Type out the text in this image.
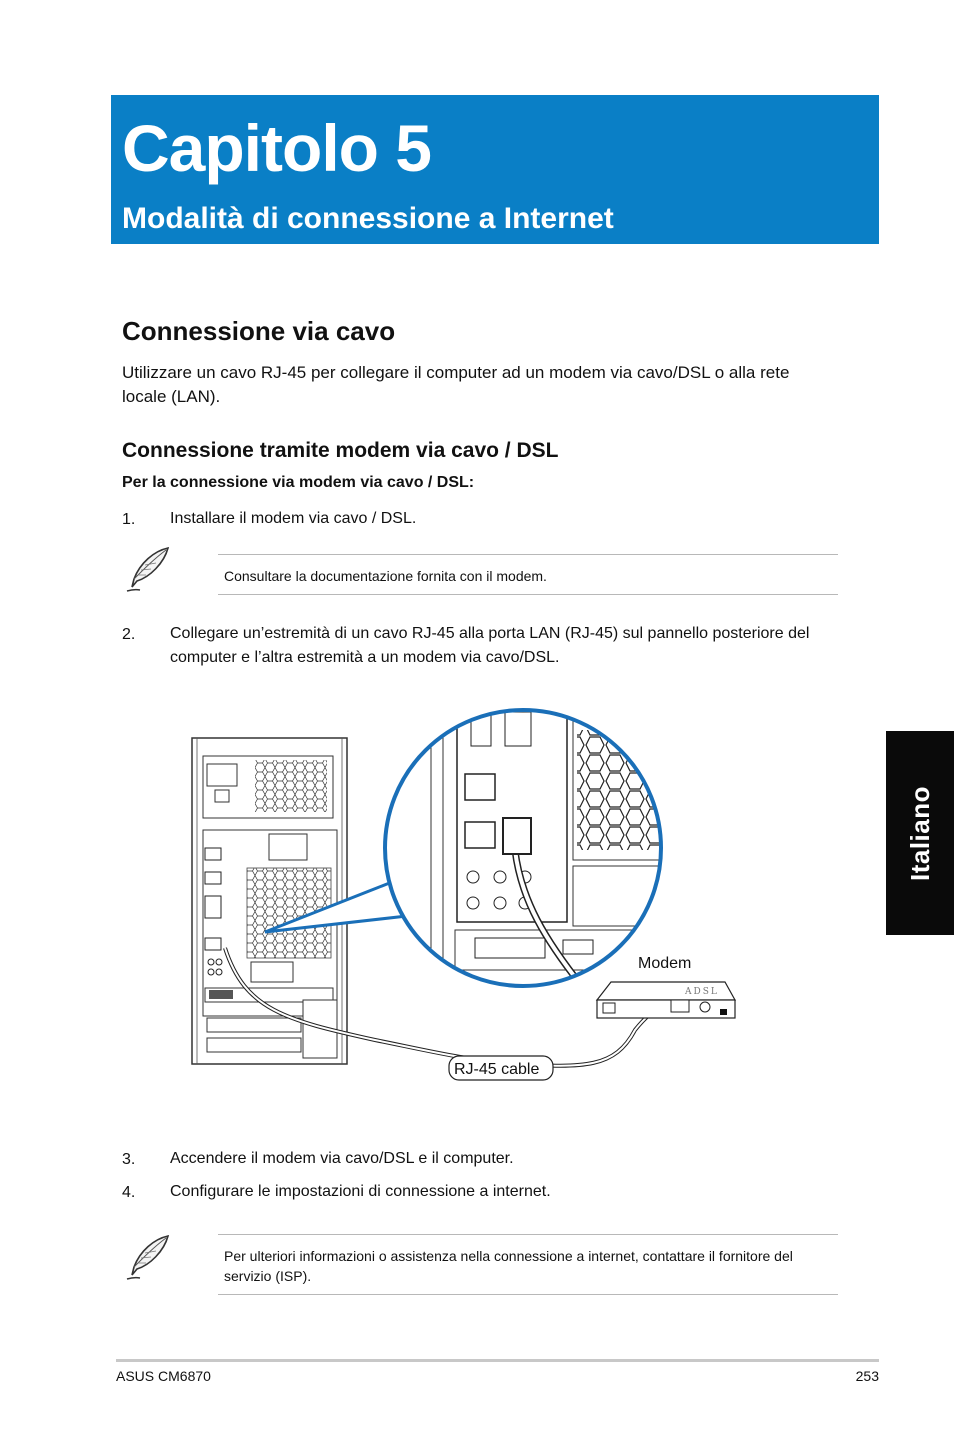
Capitolo 5
Modalità di connessione a Internet
Connessione via cavo
Utilizzare un cavo RJ-45 per collegare il computer ad un modem via cavo/DSL o alla rete locale (LAN).
Connessione tramite modem via cavo / DSL
Per la connessione via modem via cavo / DSL:
1. Installare il modem via cavo / DSL.
Consultare la documentazione fornita con il modem.
2. Collegare un’estremità di un cavo RJ-45 alla porta LAN (RJ-45) sul pannello posteriore del computer e l’altra estremità a un modem via cavo/DSL.
ADSL
Modem
RJ-45 cable
3. Accendere il modem via cavo/DSL e il computer.
4. Configurare le impostazioni di connessione a internet.
Per ulteriori informazioni o assistenza nella connessione a internet, contattare il fornitore del servizio (ISP).
Italiano
ASUS CM6870	253
